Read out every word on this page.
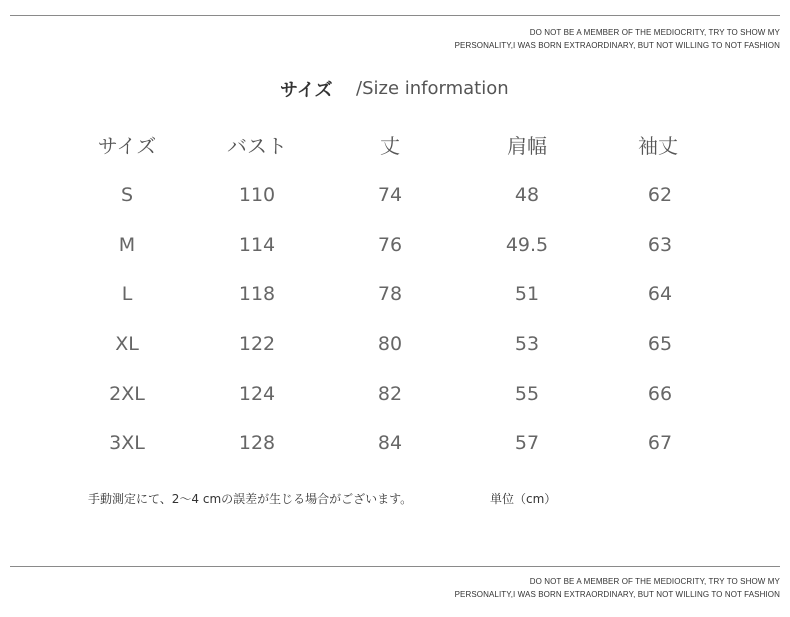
DO NOT BE A MEMBER OF THE MEDIOCRITY, TRY TO SHOW MY
PERSONALITY,I WAS BORN EXTRAORDINARY, BUT NOT WILLING TO NOT FASHION
サイズ /Size information
サイズ	バスト	丈	肩幅	袖丈
S	110	74	48	62
M	114	76	49.5	63
L	118	78	51	64
XL	122	80	53	65
2XL	124	82	55	66
3XL	128	84	57	67
手動測定にて、2～4 cmの誤差が生じる場合がございます。	単位（cm）
DO NOT BE A MEMBER OF THE MEDIOCRITY, TRY TO SHOW MY
PERSONALITY,I WAS BORN EXTRAORDINARY, BUT NOT WILLING TO NOT FASHION
